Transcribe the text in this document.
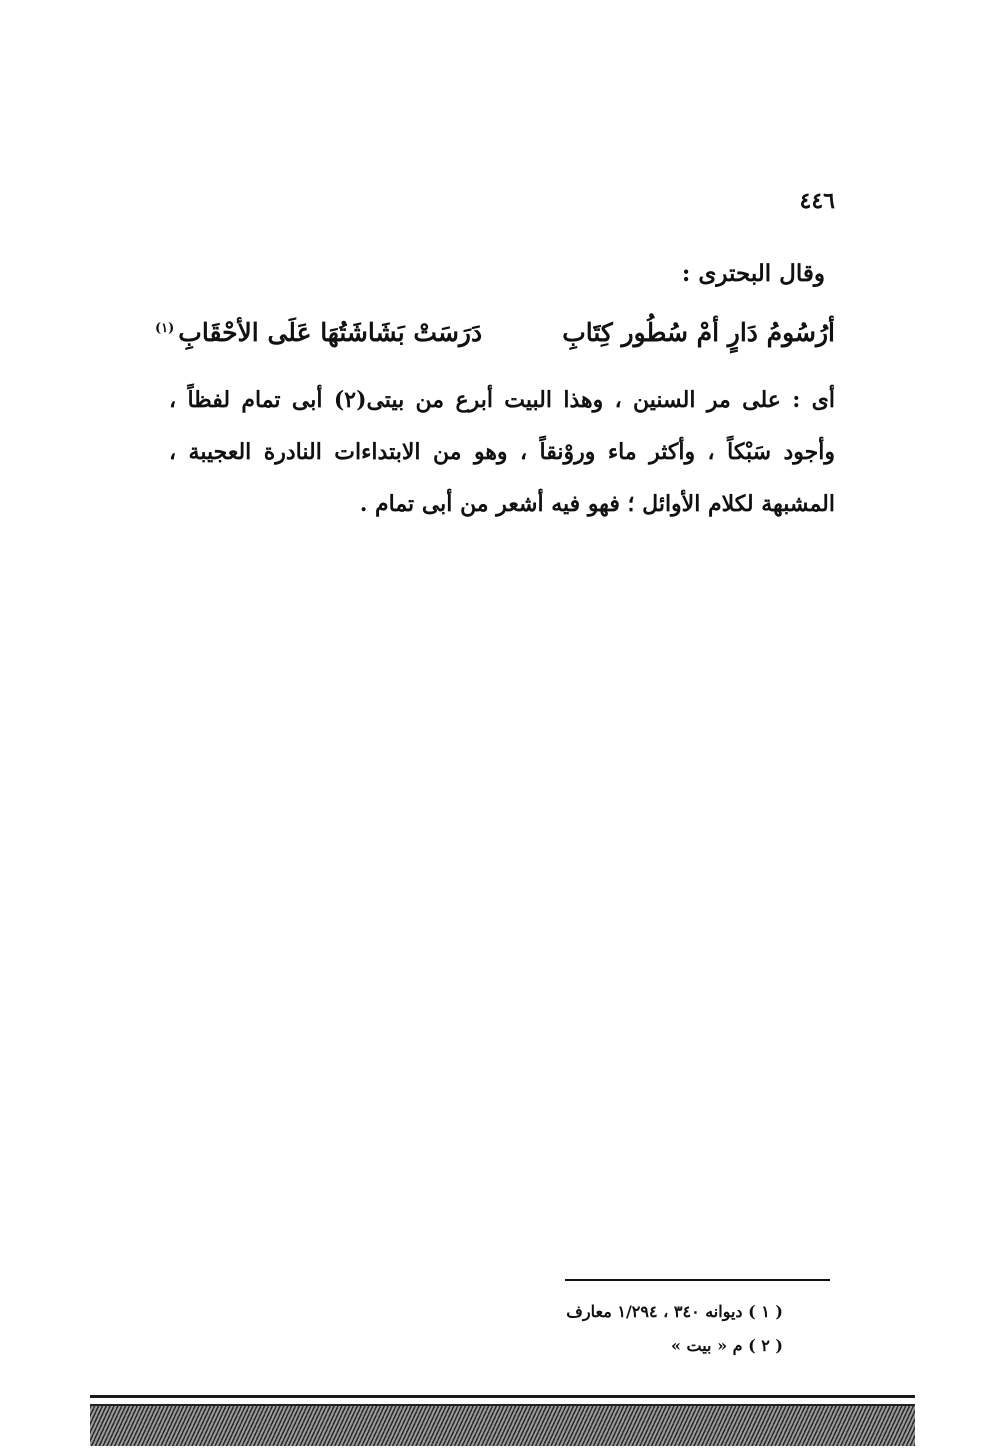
٤٤٦
وقال البحترى :
أرُسُومُ دَارٍ أمْ سُطُور كِتَابِ
دَرَسَتْ بَشَاشَتُهَا عَلَى الأحْقَابِ$^{(١)}$
أى : على مر السنين ، وهذا البيت أبرع من بيتى(٢) أبى تمام لفظاً ،
وأجود سَبْكاً ، وأكثر ماء وروْنقاً ، وهو من الابتداءات النادرة العجيبة ،
المشبهة لكلام الأوائل ؛ فهو فيه أشعر من أبى تمام .
( ١ ) ديوانه ٣٤٠ ، ١/٢٩٤ معارف
( ٢ ) م « بيت »
